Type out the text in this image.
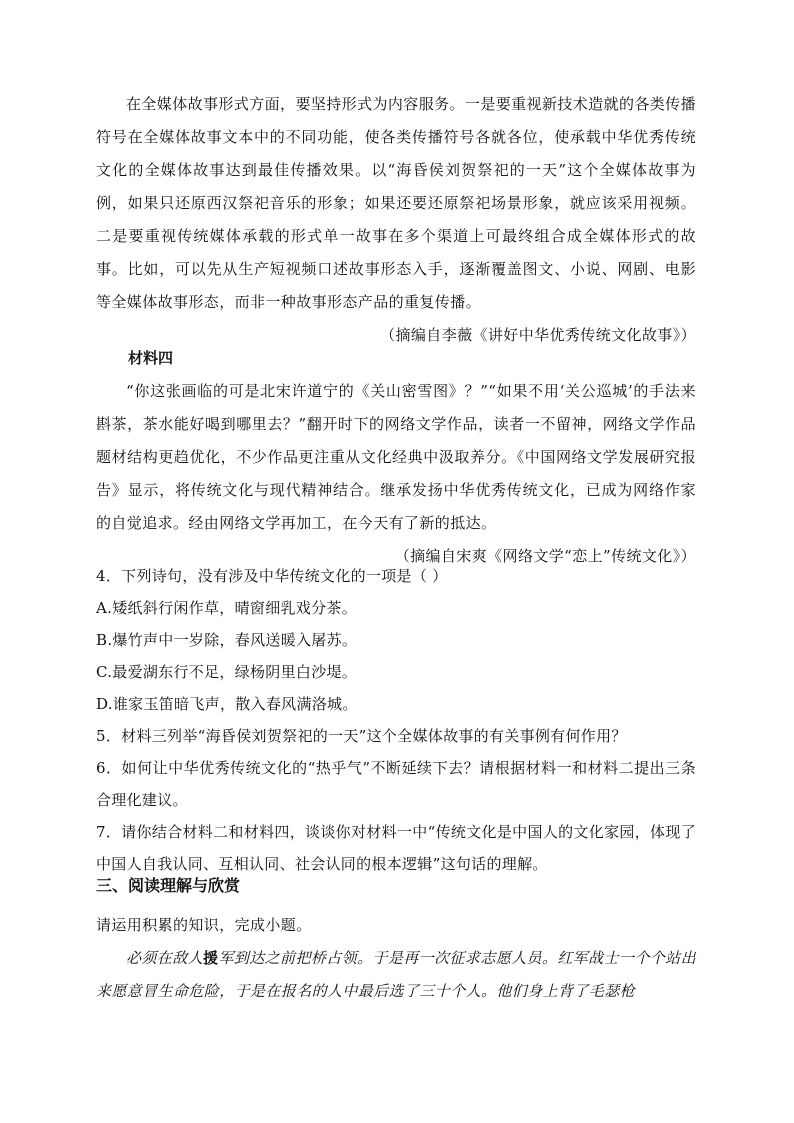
在全媒体故事形式方面，要坚持形式为内容服务。一是要重视新技术造就的各类传播符号在全媒体故事文本中的不同功能，使各类传播符号各就各位，使承载中华优秀传统文化的全媒体故事达到最佳传播效果。以“海昏侯刘贺祭祀的一天”这个全媒体故事为例，如果只还原西汉祭祀音乐的形象；如果还要还原祭祀场景形象，就应该采用视频。二是要重视传统媒体承载的形式单一故事在多个渠道上可最终组合成全媒体形式的故事。比如，可以先从生产短视频口述故事形态入手，逐渐覆盖图文、小说、网剧、电影等全媒体故事形态，而非一种故事形态产品的重复传播。

（摘编自李薇《讲好中华优秀传统文化故事》）

材料四

“你这张画临的可是北宋许道宁的《关山密雪图》？”“如果不用‘关公巡城’的手法来斟茶，茶水能好喝到哪里去？”翻开时下的网络文学作品，读者一不留神，网络文学作品题材结构更趋优化，不少作品更注重从文化经典中汲取养分。《中国网络文学发展研究报告》显示，将传统文化与现代精神结合。继承发扬中华优秀传统文化，已成为网络作家的自觉追求。经由网络文学再加工，在今天有了新的抵达。

（摘编自宋爽《网络文学“恋上”传统文化》）

4．下列诗句，没有涉及中华传统文化的一项是（ ）

A.矮纸斜行闲作草，晴窗细乳戏分茶。

B.爆竹声中一岁除，春风送暖入屠苏。

C.最爱湖东行不足，绿杨阴里白沙堤。

D.谁家玉笛暗飞声，散入春风满洛城。

5．材料三列举“海昏侯刘贺祭祀的一天”这个全媒体故事的有关事例有何作用？

6．如何让中华优秀传统文化的“热乎气”不断延续下去？请根据材料一和材料二提出三条合理化建议。

7．请你结合材料二和材料四，谈谈你对材料一中“传统文化是中国人的文化家园，体现了中国人自我认同、互相认同、社会认同的根本逻辑”这句话的理解。

三、阅读理解与欣赏

请运用积累的知识，完成小题。

必须在敌人援军到达之前把桥占领。于是再一次征求志愿人员。红军战士一个个站出来愿意冒生命危险，于是在报名的人中最后选了三十个人。他们身上背了毛瑟枪
